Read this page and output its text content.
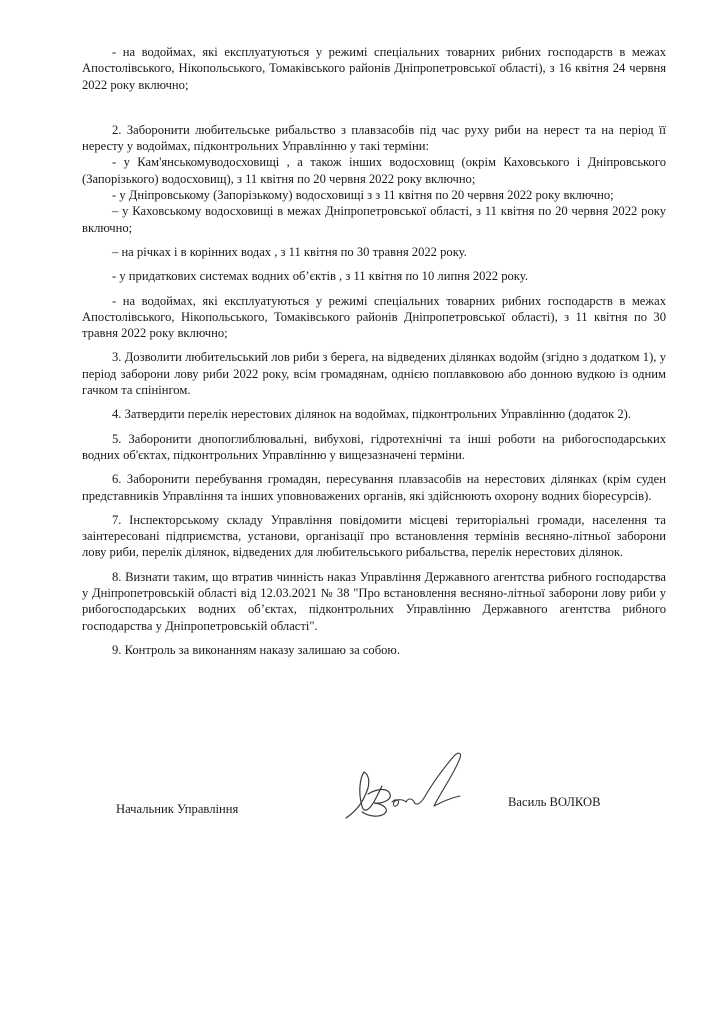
- на водоймах, які експлуатуються у режимі спеціальних товарних рибних господарств в межах Апостолівського, Нікопольського, Томаківського районів Дніпропетровської області), з 16 квітня 24 червня 2022 року включно;

2. Заборонити любительське рибальство з плавзасобів під час руху риби на нерест та на період її нересту у водоймах, підконтрольних Управлінню у такі терміни:

- у Кам'янськомуводосховищі , а також інших водосховищ (окрім Каховського і Дніпровського (Запорізького) водосховищ), з 11 квітня по 20 червня 2022 року включно;

- у Дніпровському (Запорізькому) водосховищі з з 11 квітня по 20 червня 2022 року включно;

– у Каховському водосховищі в межах Дніпропетровської області, з 11 квітня по 20 червня 2022 року включно;

– на річках і в корінних водах , з 11 квітня по 30 травня 2022 року.

- у придаткових системах водних об’єктів , з 11 квітня по 10 липня 2022 року.

- на водоймах, які експлуатуються у режимі спеціальних товарних рибних господарств в межах Апостолівського, Нікопольського, Томаківського районів Дніпропетровської області), з 11 квітня по 30 травня 2022 року включно;

3. Дозволити любительський лов риби з берега, на відведених ділянках водойм (згідно з додатком 1), у період заборони лову риби 2022 року, всім громадянам, однією поплавковою або донною вудкою із одним гачком та спінінгом.

4. Затвердити перелік нерестових ділянок на водоймах, підконтрольних Управлінню (додаток 2).

5. Заборонити днопоглиблювальні, вибухові, гідротехнічні та інші роботи на рибогосподарських водних об'єктах, підконтрольних Управлінню у вищезазначені терміни.

6. Заборонити перебування громадян, пересування плавзасобів на нерестових ділянках (крім суден представників Управління та інших уповноважених органів, які здійснюють охорону водних біоресурсів).

7. Інспекторському складу Управління повідомити місцеві територіальні громади, населення та заінтересовані підприємства, установи, організації про встановлення термінів весняно-літньої заборони лову риби, перелік ділянок, відведених для любительського рибальства, перелік нерестових ділянок.

8. Визнати таким, що втратив чинність наказ Управління Державного агентства рибного господарства у Дніпропетровській області від 12.03.2021 № 38 "Про встановлення весняно-літньої заборони лову риби у рибогосподарських водних об’єктах, підконтрольних Управлінню Державного агентства рибного господарства у Дніпропетровській області".

9. Контроль за виконанням наказу залишаю за собою.

Начальник Управління	Василь ВОЛКОВ
